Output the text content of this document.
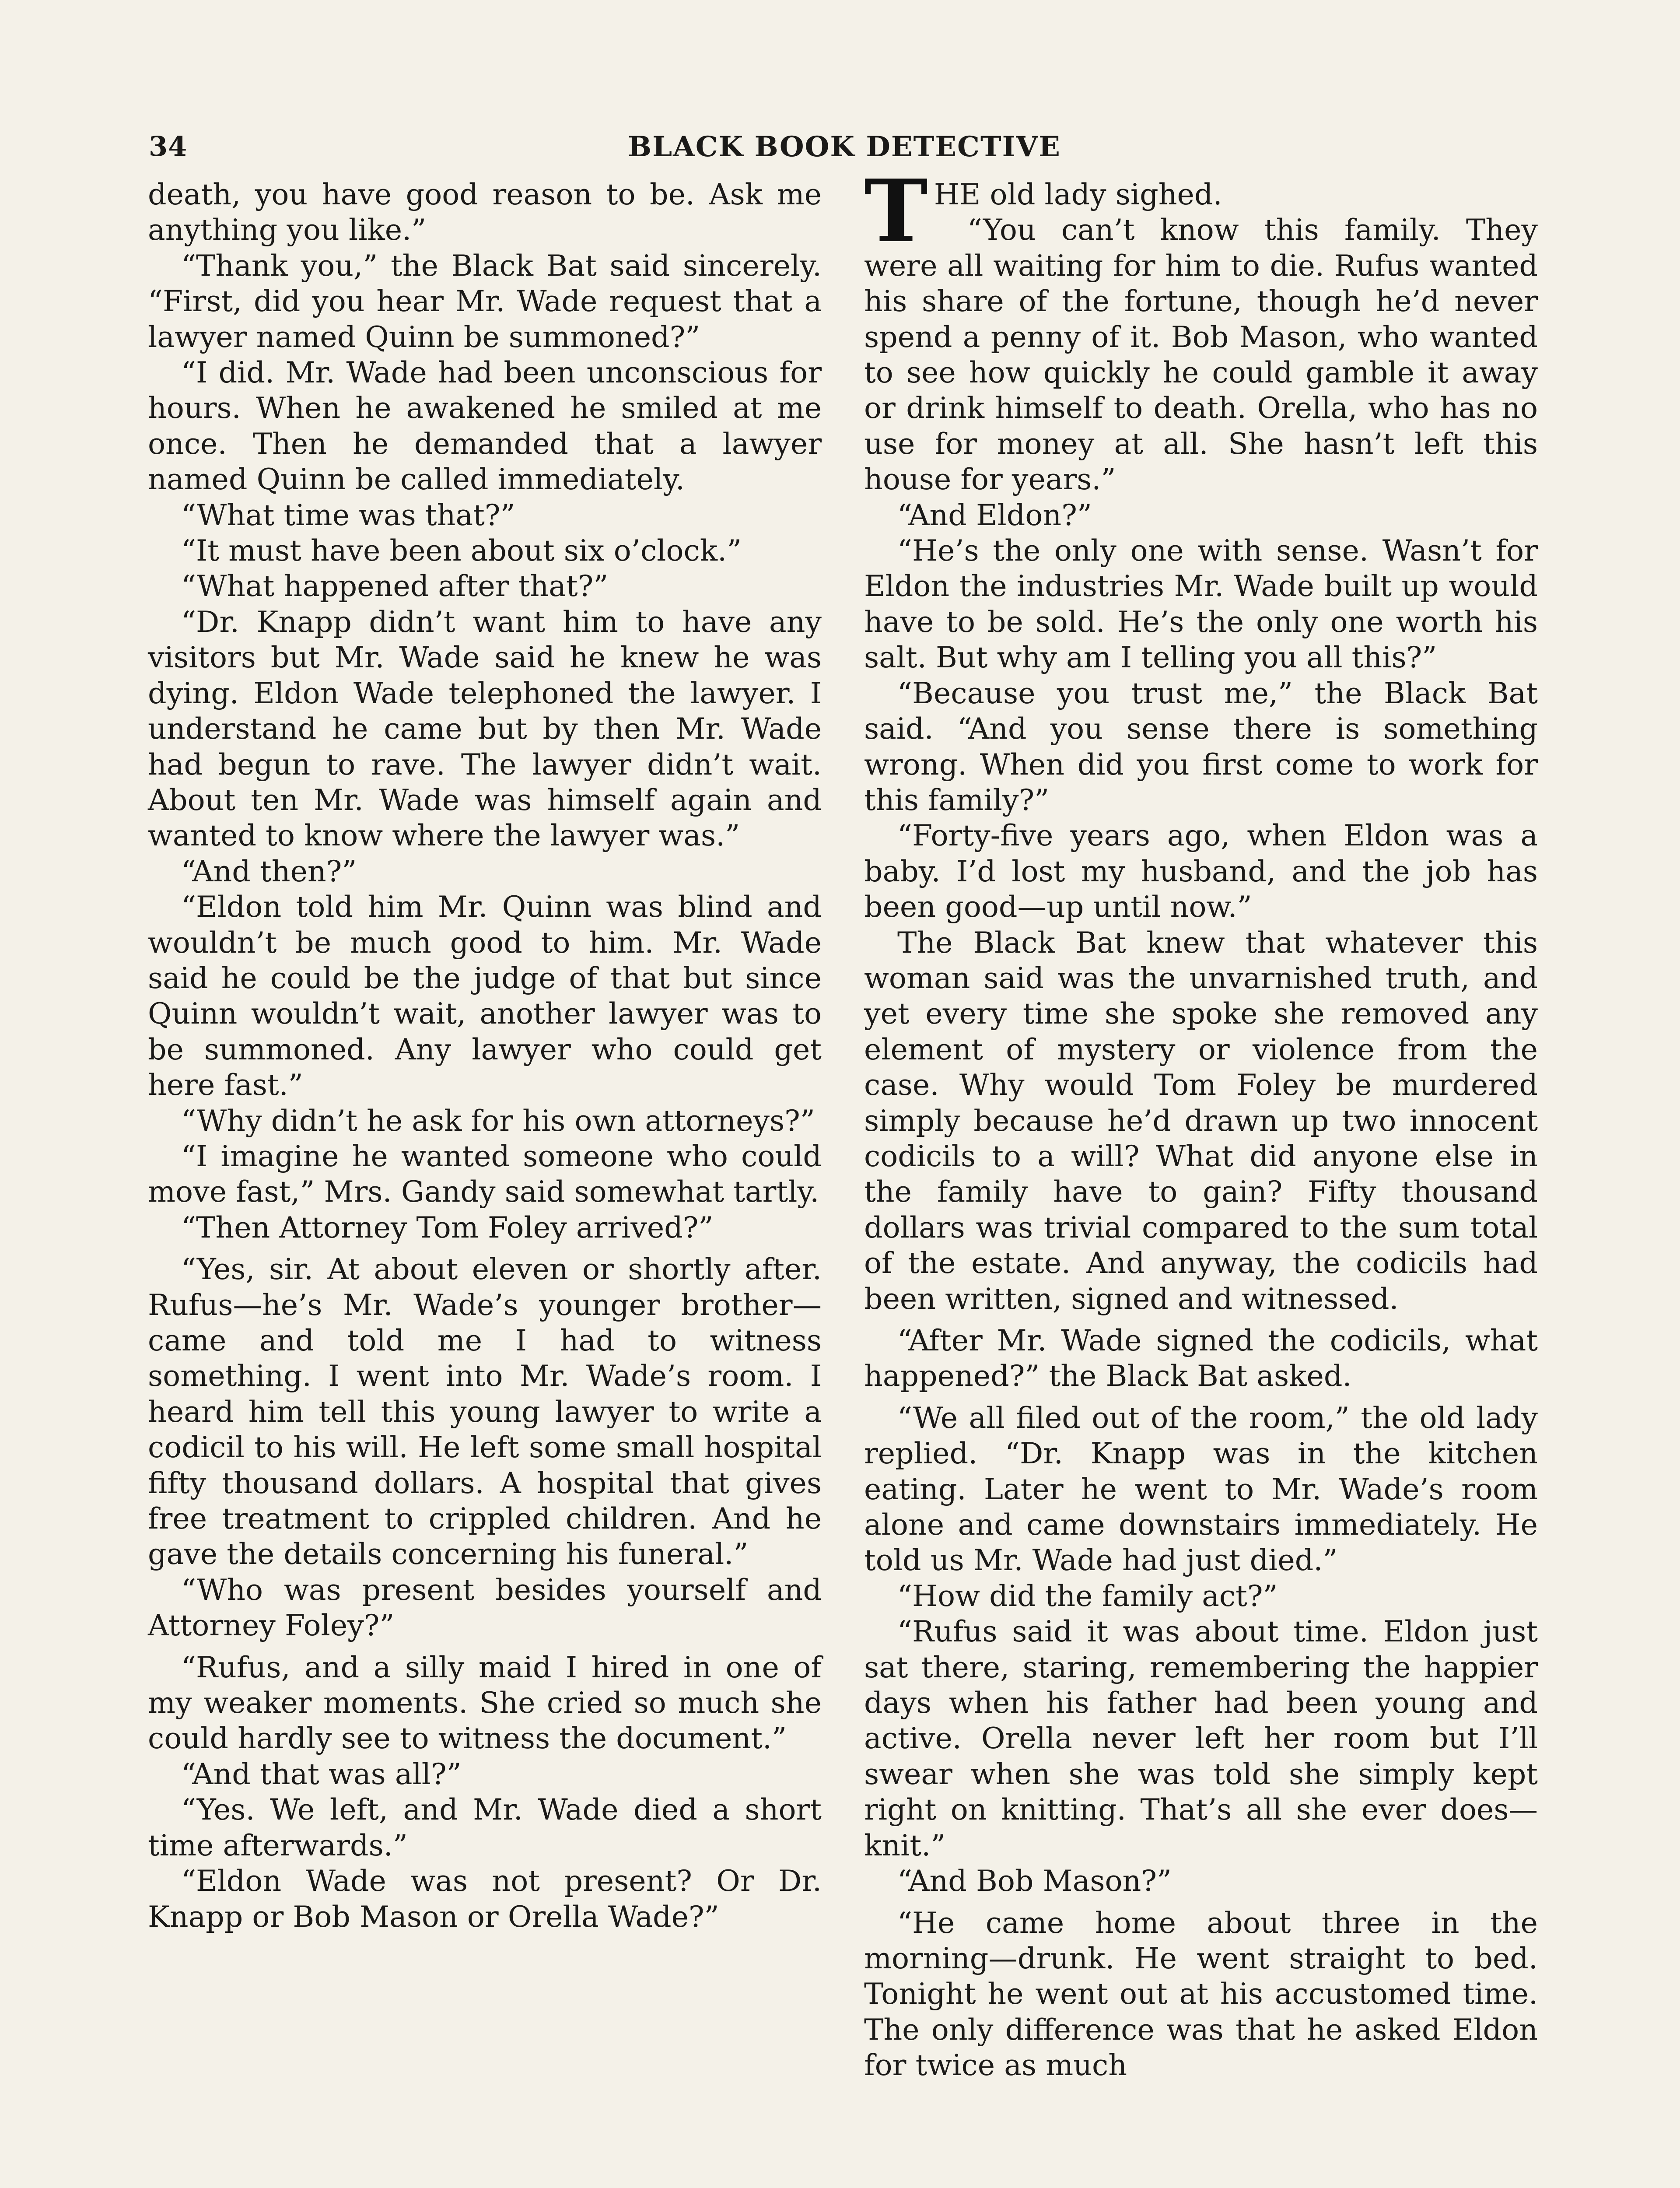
34	BLACK BOOK DETECTIVE

death, you have good reason to be. Ask me anything you like.”

“Thank you,” the Black Bat said sincerely. “First, did you hear Mr. Wade request that a lawyer named Quinn be summoned?”

“I did. Mr. Wade had been unconscious for hours. When he awakened he smiled at me once. Then he demanded that a lawyer named Quinn be called immediately.

“What time was that?”

“It must have been about six o’clock.”

“What happened after that?”

“Dr. Knapp didn’t want him to have any visitors but Mr. Wade said he knew he was dying. Eldon Wade telephoned the lawyer. I understand he came but by then Mr. Wade had begun to rave. The lawyer didn’t wait. About ten Mr. Wade was himself again and wanted to know where the lawyer was.”

“And then?”

“Eldon told him Mr. Quinn was blind and wouldn’t be much good to him. Mr. Wade said he could be the judge of that but since Quinn wouldn’t wait, another lawyer was to be summoned. Any lawyer who could get here fast.”

“Why didn’t he ask for his own attorneys?”

“I imagine he wanted someone who could move fast,” Mrs. Gandy said somewhat tartly.

“Then Attorney Tom Foley arrived?”

“Yes, sir. At about eleven or shortly after. Rufus—he’s Mr. Wade’s younger brother—came and told me I had to witness something. I went into Mr. Wade’s room. I heard him tell this young lawyer to write a codicil to his will. He left some small hospital fifty thousand dollars. A hospital that gives free treatment to crippled children. And he gave the details concerning his funeral.”

“Who was present besides yourself and Attorney Foley?”

“Rufus, and a silly maid I hired in one of my weaker moments. She cried so much she could hardly see to witness the document.”

“And that was all?”

“Yes. We left, and Mr. Wade died a short time afterwards.”

“Eldon Wade was not present? Or Dr. Knapp or Bob Mason or Orella Wade?”

THE old lady sighed.

“You can’t know this family. They were all waiting for him to die. Rufus wanted his share of the fortune, though he’d never spend a penny of it. Bob Mason, who wanted to see how quickly he could gamble it away or drink himself to death. Orella, who has no use for money at all. She hasn’t left this house for years.”

“And Eldon?”

“He’s the only one with sense. Wasn’t for Eldon the industries Mr. Wade built up would have to be sold. He’s the only one worth his salt. But why am I telling you all this?”

“Because you trust me,” the Black Bat said. “And you sense there is something wrong. When did you first come to work for this family?”

“Forty-five years ago, when Eldon was a baby. I’d lost my husband, and the job has been good—up until now.”

The Black Bat knew that whatever this woman said was the unvarnished truth, and yet every time she spoke she removed any element of mystery or violence from the case. Why would Tom Foley be murdered simply because he’d drawn up two innocent codicils to a will? What did anyone else in the family have to gain? Fifty thousand dollars was trivial compared to the sum total of the estate. And anyway, the codicils had been written, signed and witnessed.

“After Mr. Wade signed the codicils, what happened?” the Black Bat asked.

“We all filed out of the room,” the old lady replied. “Dr. Knapp was in the kitchen eating. Later he went to Mr. Wade’s room alone and came downstairs immediately. He told us Mr. Wade had just died.”

“How did the family act?”

“Rufus said it was about time. Eldon just sat there, staring, remembering the happier days when his father had been young and active. Orella never left her room but I’ll swear when she was told she simply kept right on knitting. That’s all she ever does—knit.”

“And Bob Mason?”

“He came home about three in the morning—drunk. He went straight to bed. Tonight he went out at his accustomed time. The only difference was that he asked Eldon for twice as much
